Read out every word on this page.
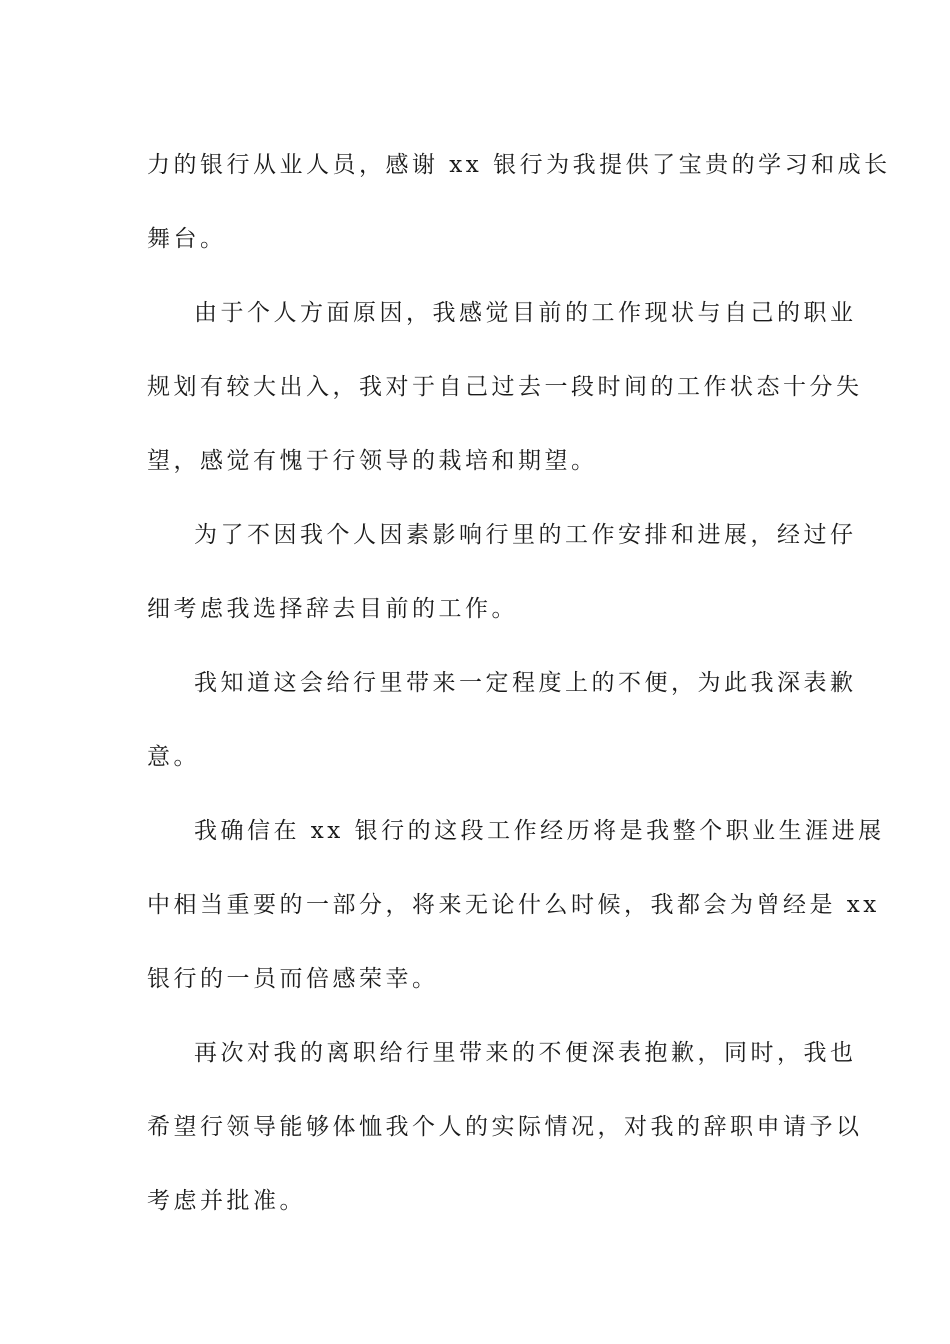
力的银行从业人员，感谢 xx 银行为我提供了宝贵的学习和成长
舞台。
由于个人方面原因，我感觉目前的工作现状与自己的职业
规划有较大出入，我对于自己过去一段时间的工作状态十分失
望，感觉有愧于行领导的栽培和期望。
为了不因我个人因素影响行里的工作安排和进展，经过仔
细考虑我选择辞去目前的工作。
我知道这会给行里带来一定程度上的不便，为此我深表歉
意。
我确信在 xx 银行的这段工作经历将是我整个职业生涯进展
中相当重要的一部分，将来无论什么时候，我都会为曾经是 xx
银行的一员而倍感荣幸。
再次对我的离职给行里带来的不便深表抱歉，同时，我也
希望行领导能够体恤我个人的实际情况，对我的辞职申请予以
考虑并批准。
